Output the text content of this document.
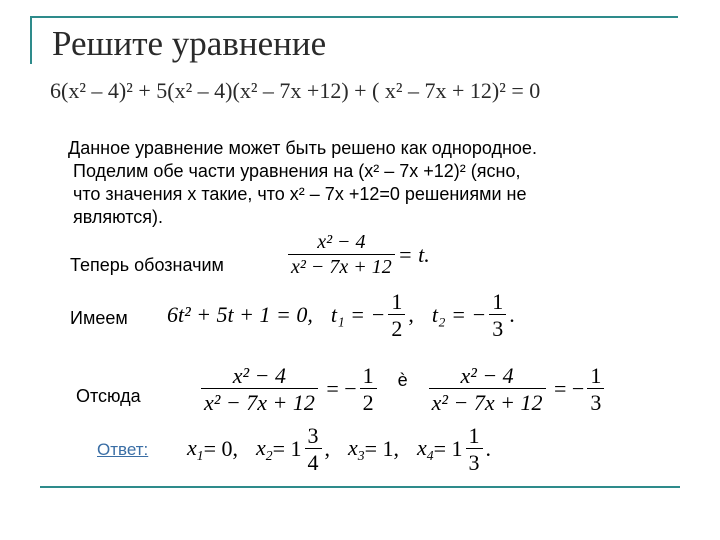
Решите уравнение
6(x² – 4)² + 5(x² – 4)(x² – 7x +12) + ( x² – 7x + 12)² = 0
Данное уравнение может быть решено как однородное.
Поделим обе части уравнения на (x² – 7x +12)² (ясно,
что значения x такие, что x² – 7x +12=0 решениями не
являются).
Теперь обозначим	$\frac{\text{x² − 4}}{\text{x² − 7x + 12}} = t$.
Имеем 6t² + 5t + 1 = 0, t₁ = − $\frac{1}{2}$ , t₂ = − $\frac{1}{3}$ .
Отсюда	$\frac{\text{x² − 4}}{\text{x² − 7x + 12}}$ = − $\frac{1}{2}$ è $\frac{\text{x² − 4}}{\text{x² − 7x + 12}}$ = − $\frac{1}{3}$
Ответ: $x_1 = 0$, $x_2 = 1 \frac{3}{4}$ , $x_3 = 1$, $x_4 = 1 \frac{1}{3}$ .
